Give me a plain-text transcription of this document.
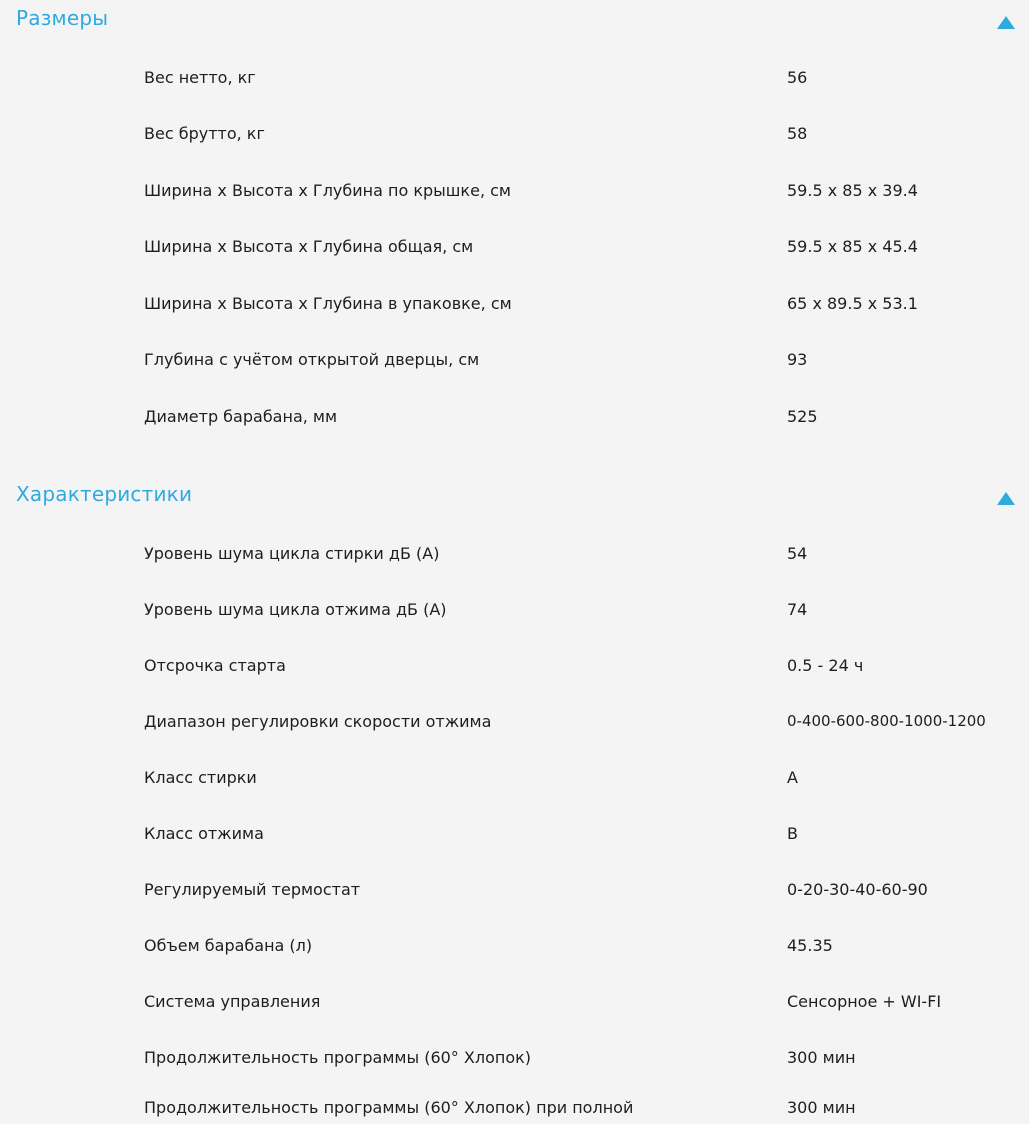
Размеры
Вес нетто, кг	56
Вес брутто, кг	58
Ширина x Высота x Глубина по крышке, см	59.5 x 85 x 39.4
Ширина x Высота x Глубина общая, см	59.5 x 85 x 45.4
Ширина x Высота x Глубина в упаковке, см	65 x 89.5 x 53.1
Глубина с учётом открытой дверцы, см	93
Диаметр барабана, мм	525
Характеристики
Уровень шума цикла стирки дБ (А)	54
Уровень шума цикла отжима дБ (А)	74
Отсрочка старта	0.5 - 24 ч
Диапазон регулировки скорости отжима	0-400-600-800-1000-1200
Класс стирки	A
Класс отжима	B
Регулируемый термостат	0-20-30-40-60-90
Объем барабана (л)	45.35
Система управления	Сенсорное + WI-FI
Продолжительность программы (60° Хлопок)	300 мин
Продолжительность программы (60° Хлопок) при полной	300 мин
